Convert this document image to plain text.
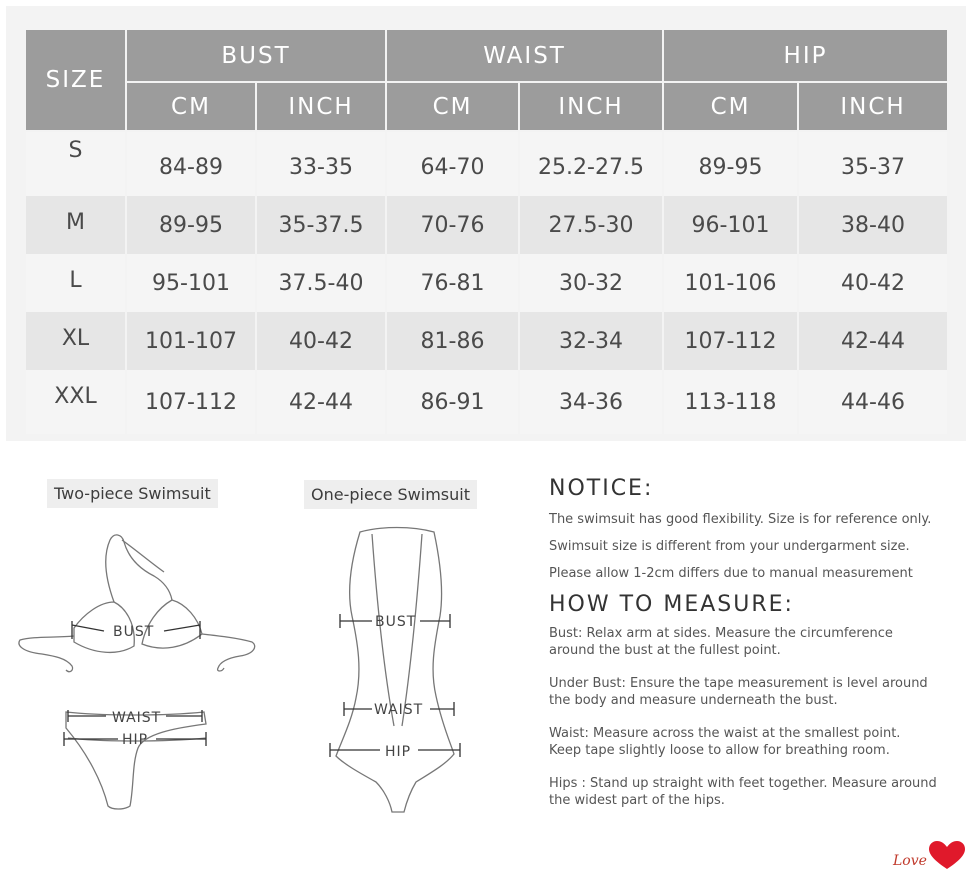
SIZE	BUST		WAIST		HIP	
	CM	INCH	CM	INCH	CM	INCH
S	84-89	33-35	64-70	25.2-27.5	89-95	35-37
M	89-95	35-37.5	70-76	27.5-30	96-101	38-40
L	95-101	37.5-40	76-81	30-32	101-106	40-42
XL	101-107	40-42	81-86	32-34	107-112	42-44
XXL	107-112	42-44	86-91	34-36	113-118	44-46
Two-piece Swimsuit
BUST
WAIST
HIP
One-piece Swimsuit
BUST
WAIST
HIP
NOTICE:

The swimsuit has good flexibility. Size is for reference only.

Swimsuit size is different from your undergarment size.

Please allow 1-2cm differs due to manual measurement

HOW TO MEASURE:

Bust: Relax arm at sides. Measure the circumference

around the bust at the fullest point.

Under Bust: Ensure the tape measurement is level around

the body and measure underneath the bust.

Waist: Measure across the waist at the smallest point.

Keep tape slightly loose to allow for breathing room.

Hips : Stand up straight with feet together. Measure around

the widest part of the hips.

Love
